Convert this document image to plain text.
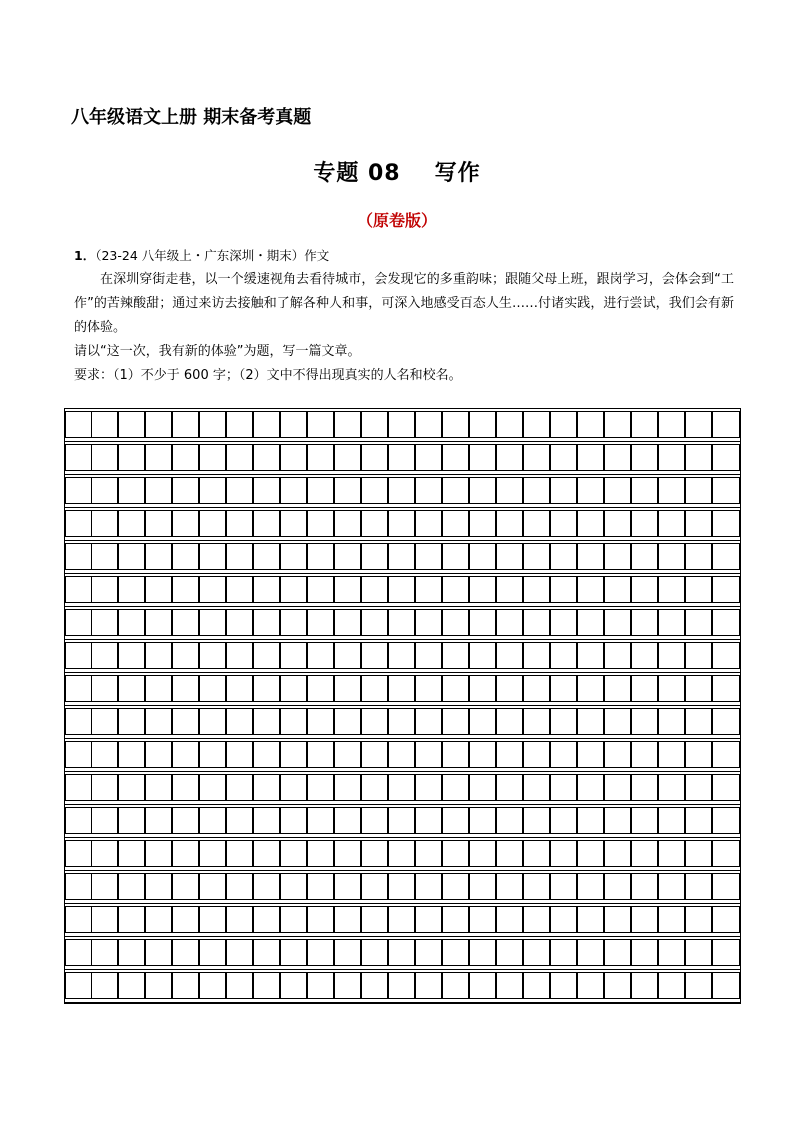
八年级语文上册 期末备考真题
专题 08 写作
（原卷版）

1．（23-24 八年级上・广东深圳・期末）作文

在深圳穿街走巷，以一个缓速视角去看待城市，会发现它的多重韵味；跟随父母上班，跟岗学习，会体会到“工作”的苦辣酸甜；通过来访去接触和了解各种人和事，可深入地感受百态人生……付诸实践，进行尝试，我们会有新的体验。

请以“这一次，我有新的体验”为题，写一篇文章。

要求：（1）不少于 600 字；（2）文中不得出现真实的人名和校名。
